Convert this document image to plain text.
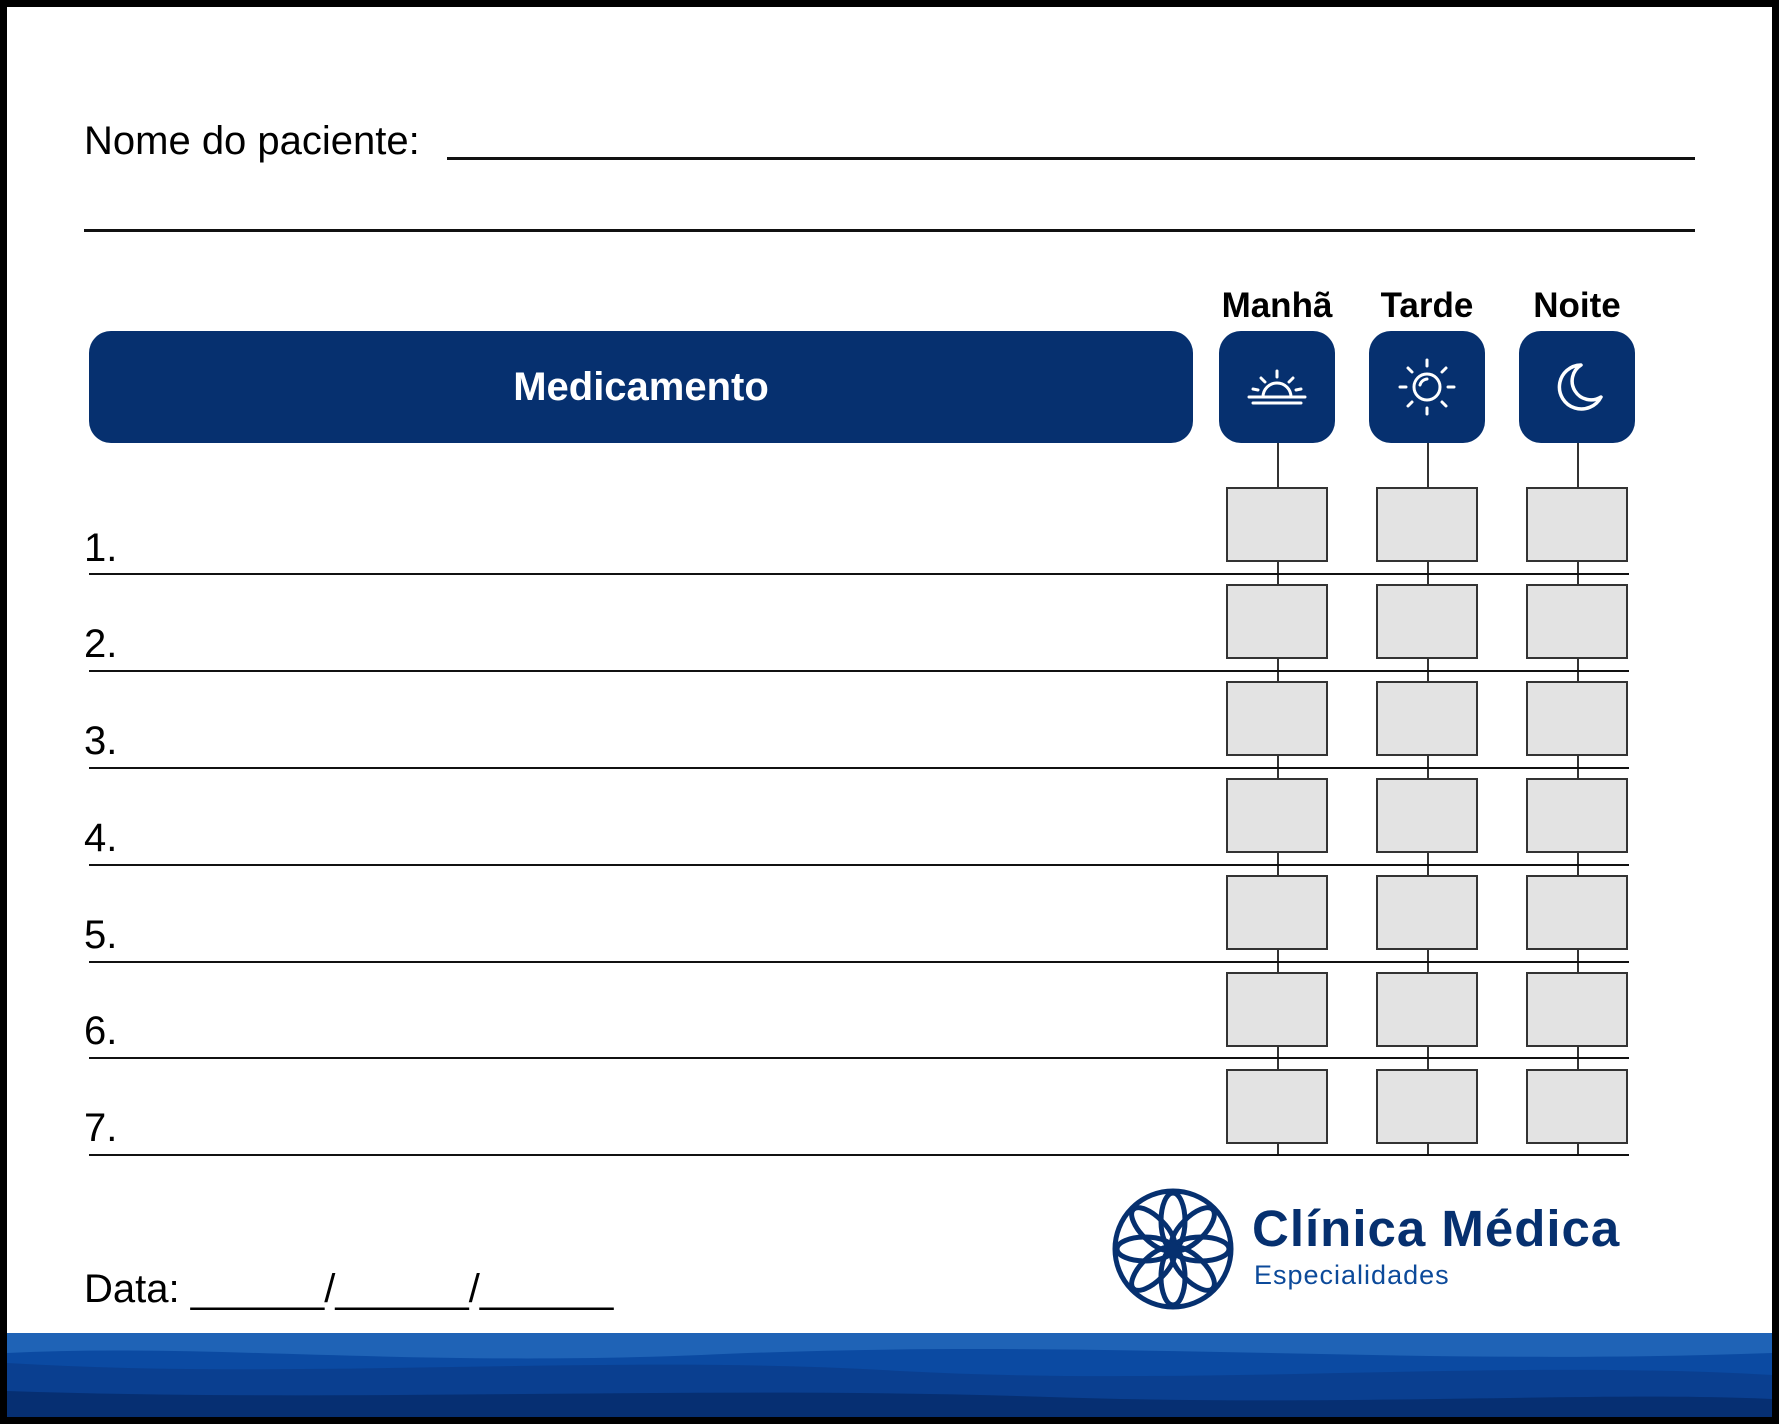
Nome do paciente:
Medicamento
Manhã	Tarde	Noite
1.
2.
3.
4.
5.
6.
7.
Data: ______/______/______
Clínica Médica
Especialidades
